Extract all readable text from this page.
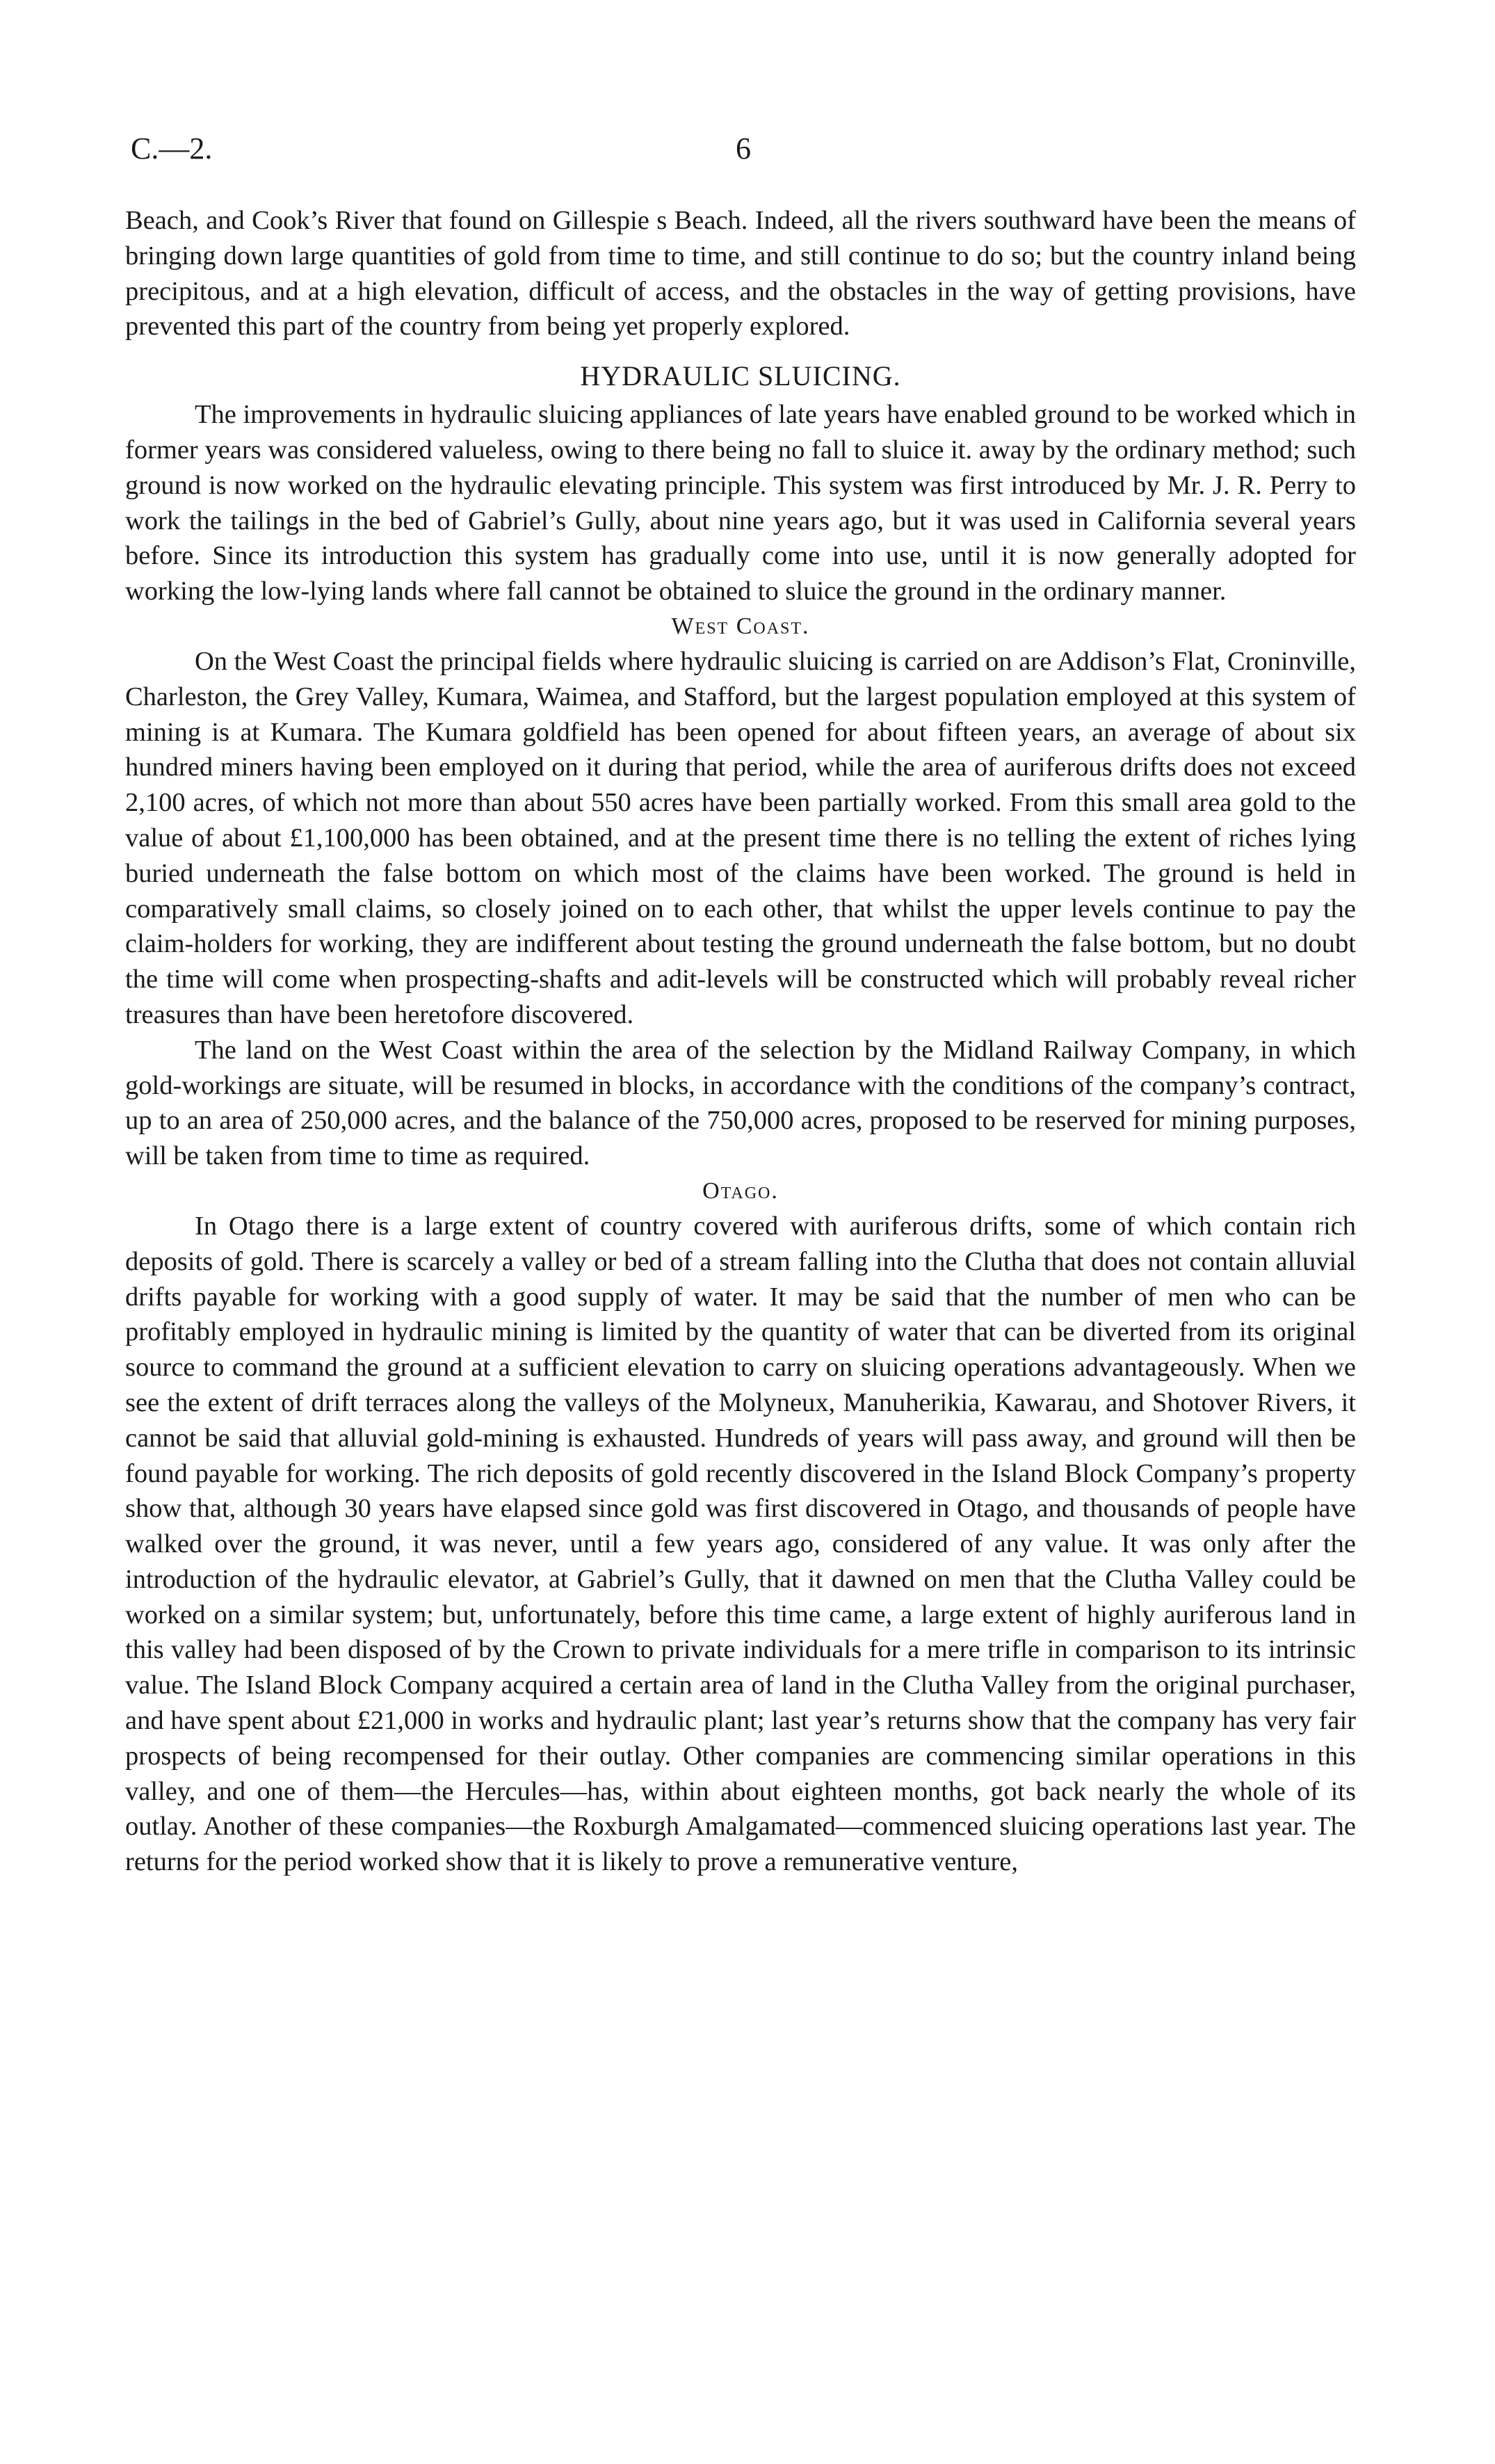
C.—2.	6

Beach, and Cook’s River that found on Gillespie s Beach. Indeed, all the rivers southward have been the means of bringing down large quantities of gold from time to time, and still continue to do so; but the country inland being precipitous, and at a high elevation, difficult of access, and the obstacles in the way of getting provisions, have prevented this part of the country from being yet properly explored.

HYDRAULIC SLUICING.

The improvements in hydraulic sluicing appliances of late years have enabled ground to be worked which in former years was considered valueless, owing to there being no fall to sluice it. away by the ordinary method; such ground is now worked on the hydraulic elevating principle. This system was first introduced by Mr. J. R. Perry to work the tailings in the bed of Gabriel’s Gully, about nine years ago, but it was used in California several years before. Since its introduction this system has gradually come into use, until it is now generally adopted for working the low-lying lands where fall cannot be obtained to sluice the ground in the ordinary manner.

West Coast.

On the West Coast the principal fields where hydraulic sluicing is carried on are Addison’s Flat, Croninville, Charleston, the Grey Valley, Kumara, Waimea, and Stafford, but the largest population employed at this system of mining is at Kumara. The Kumara goldfield has been opened for about fifteen years, an average of about six hundred miners having been employed on it during that period, while the area of auriferous drifts does not exceed 2,100 acres, of which not more than about 550 acres have been partially worked. From this small area gold to the value of about £1,100,000 has been obtained, and at the present time there is no telling the extent of riches lying buried underneath the false bottom on which most of the claims have been worked. The ground is held in comparatively small claims, so closely joined on to each other, that whilst the upper levels continue to pay the claim-holders for working, they are indifferent about testing the ground underneath the false bottom, but no doubt the time will come when prospecting-shafts and adit-levels will be constructed which will probably reveal richer treasures than have been heretofore discovered.

The land on the West Coast within the area of the selection by the Midland Railway Company, in which gold-workings are situate, will be resumed in blocks, in accordance with the conditions of the company’s contract, up to an area of 250,000 acres, and the balance of the 750,000 acres, proposed to be reserved for mining purposes, will be taken from time to time as required.

Otago.

In Otago there is a large extent of country covered with auriferous drifts, some of which contain rich deposits of gold. There is scarcely a valley or bed of a stream falling into the Clutha that does not contain alluvial drifts payable for working with a good supply of water. It may be said that the number of men who can be profitably employed in hydraulic mining is limited by the quantity of water that can be diverted from its original source to command the ground at a sufficient elevation to carry on sluicing operations advantageously. When we see the extent of drift terraces along the valleys of the Molyneux, Manuherikia, Kawarau, and Shotover Rivers, it cannot be said that alluvial gold-mining is exhausted. Hundreds of years will pass away, and ground will then be found payable for working. The rich deposits of gold recently discovered in the Island Block Company’s property show that, although 30 years have elapsed since gold was first discovered in Otago, and thousands of people have walked over the ground, it was never, until a few years ago, considered of any value. It was only after the introduction of the hydraulic elevator, at Gabriel’s Gully, that it dawned on men that the Clutha Valley could be worked on a similar system; but, unfortunately, before this time came, a large extent of highly auriferous land in this valley had been disposed of by the Crown to private individuals for a mere trifle in comparison to its intrinsic value. The Island Block Company acquired a certain area of land in the Clutha Valley from the original purchaser, and have spent about £21,000 in works and hydraulic plant; last year’s returns show that the company has very fair prospects of being recompensed for their outlay. Other companies are commencing similar operations in this valley, and one of them—the Hercules—has, within about eighteen months, got back nearly the whole of its outlay. Another of these companies—the Roxburgh Amalgamated—commenced sluicing operations last year. The returns for the period worked show that it is likely to prove a remunerative venture,
